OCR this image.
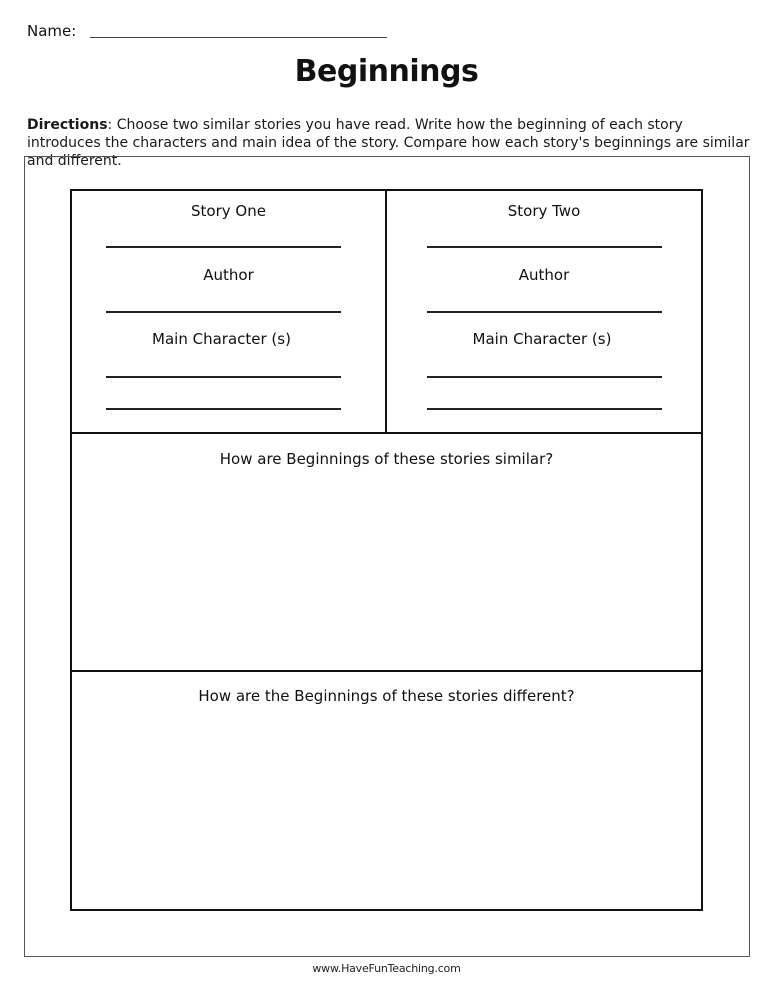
Name:
Beginnings
Directions: Choose two similar stories you have read. Write how the beginning of each story introduces the characters and main idea of the story. Compare how each story's beginnings are similar and different.
Story One
Author
Main Character (s)
Story Two
Author
Main Character (s)
How are Beginnings of these stories similar?
How are the Beginnings of these stories different?
www.HaveFunTeaching.com
